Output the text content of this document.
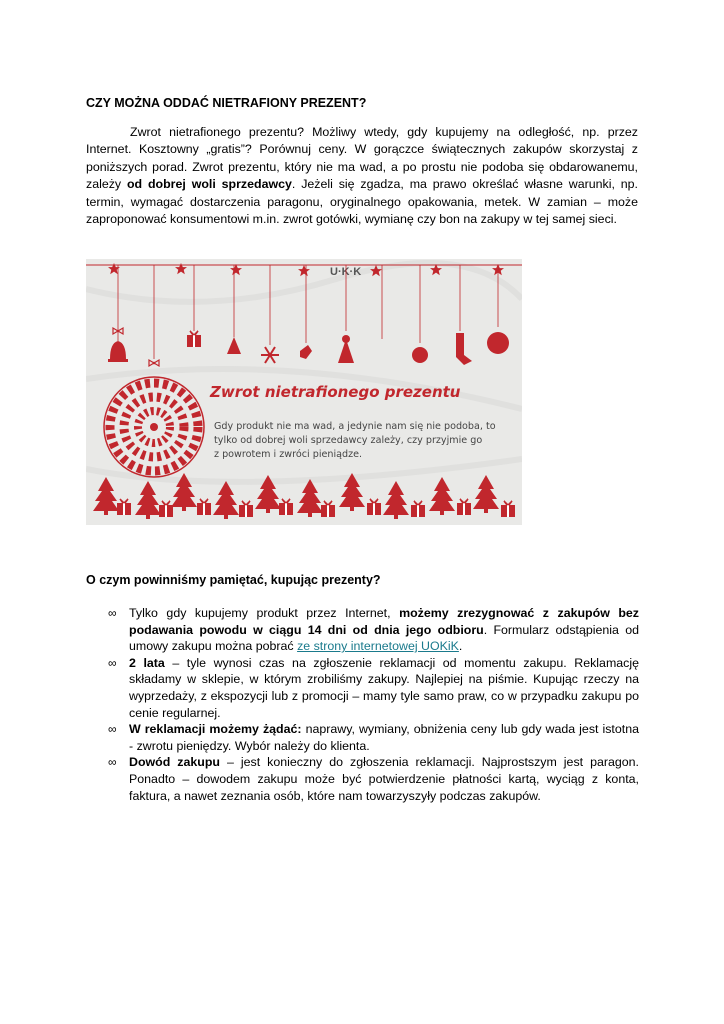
CZY MOŻNA ODDAĆ NIETRAFIONY PREZENT?
Zwrot nietrafionego prezentu? Możliwy wtedy, gdy kupujemy na odległość, np. przez Internet. Kosztowny „gratis”? Porównuj ceny. W gorączce świątecznych zakupów skorzystaj z poniższych porad. Zwrot prezentu, który nie ma wad, a po prostu nie podoba się obdarowanemu, zależy od dobrej woli sprzedawcy. Jeżeli się zgadza, ma prawo określać własne warunki, np. termin, wymagać dostarczenia paragonu, oryginalnego opakowania, metek. W zamian – może zaproponować konsumentowi m.in. zwrot gotówki, wymianę czy bon na zakupy w tej samej sieci.
U·K·K
Zwrot nietrafionego prezentu
Gdy produkt nie ma wad, a jedynie nam się nie podoba, to
tylko od dobrej woli sprzedawcy zależy, czy przyjmie go
z powrotem i zwróci pieniądze.
O czym powinniśmy pamiętać, kupując prezenty?
∞ Tylko gdy kupujemy produkt przez Internet, możemy zrezygnować z zakupów bez podawania powodu w ciągu 14 dni od dnia jego odbioru. Formularz odstąpienia od umowy zakupu można pobrać ze strony internetowej UOKiK.
∞ 2 lata – tyle wynosi czas na zgłoszenie reklamacji od momentu zakupu. Reklamację składamy w sklepie, w którym zrobiliśmy zakupy. Najlepiej na piśmie. Kupując rzeczy na wyprzedaży, z ekspozycji lub z promocji – mamy tyle samo praw, co w przypadku zakupu po cenie regularnej.
∞ W reklamacji możemy żądać: naprawy, wymiany, obniżenia ceny lub gdy wada jest istotna - zwrotu pieniędzy. Wybór należy do klienta.
∞ Dowód zakupu – jest konieczny do zgłoszenia reklamacji. Najprostszym jest paragon. Ponadto – dowodem zakupu może być potwierdzenie płatności kartą, wyciąg z konta, faktura, a nawet zeznania osób, które nam towarzyszyły podczas zakupów.
